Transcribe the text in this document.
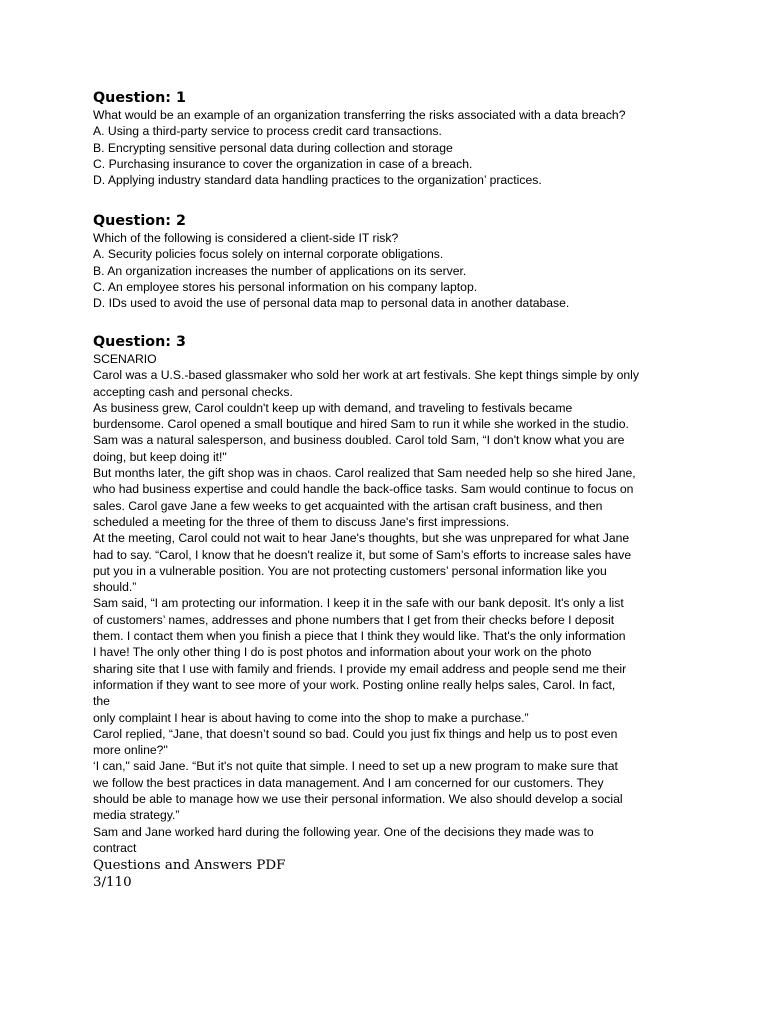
Question: 1
What would be an example of an organization transferring the risks associated with a data breach?
A. Using a third-party service to process credit card transactions.
B. Encrypting sensitive personal data during collection and storage
C. Purchasing insurance to cover the organization in case of a breach.
D. Applying industry standard data handling practices to the organization’ practices.
Question: 2
Which of the following is considered a client-side IT risk?
A. Security policies focus solely on internal corporate obligations.
B. An organization increases the number of applications on its server.
C. An employee stores his personal information on his company laptop.
D. IDs used to avoid the use of personal data map to personal data in another database.
Question: 3
SCENARIO
Carol was a U.S.-based glassmaker who sold her work at art festivals. She kept things simple by only
accepting cash and personal checks.
As business grew, Carol couldn't keep up with demand, and traveling to festivals became
burdensome. Carol opened a small boutique and hired Sam to run it while she worked in the studio.
Sam was a natural salesperson, and business doubled. Carol told Sam, “I don't know what you are
doing, but keep doing it!"
But months later, the gift shop was in chaos. Carol realized that Sam needed help so she hired Jane,
who had business expertise and could handle the back-office tasks. Sam would continue to focus on
sales. Carol gave Jane a few weeks to get acquainted with the artisan craft business, and then
scheduled a meeting for the three of them to discuss Jane's first impressions.
At the meeting, Carol could not wait to hear Jane's thoughts, but she was unprepared for what Jane
had to say. “Carol, I know that he doesn't realize it, but some of Sam’s efforts to increase sales have
put you in a vulnerable position. You are not protecting customers’ personal information like you
should.”
Sam said, “I am protecting our information. I keep it in the safe with our bank deposit. It's only a list
of customers’ names, addresses and phone numbers that I get from their checks before I deposit
them. I contact them when you finish a piece that I think they would like. That's the only information
I have! The only other thing I do is post photos and information about your work on the photo
sharing site that I use with family and friends. I provide my email address and people send me their
information if they want to see more of your work. Posting online really helps sales, Carol. In fact,
the
only complaint I hear is about having to come into the shop to make a purchase.”
Carol replied, “Jane, that doesn’t sound so bad. Could you just fix things and help us to post even
more online?"
‘I can," said Jane. “But it's not quite that simple. I need to set up a new program to make sure that
we follow the best practices in data management. And I am concerned for our customers. They
should be able to manage how we use their personal information. We also should develop a social
media strategy.”
Sam and Jane worked hard during the following year. One of the decisions they made was to
contract
Questions and Answers PDF
3/110
